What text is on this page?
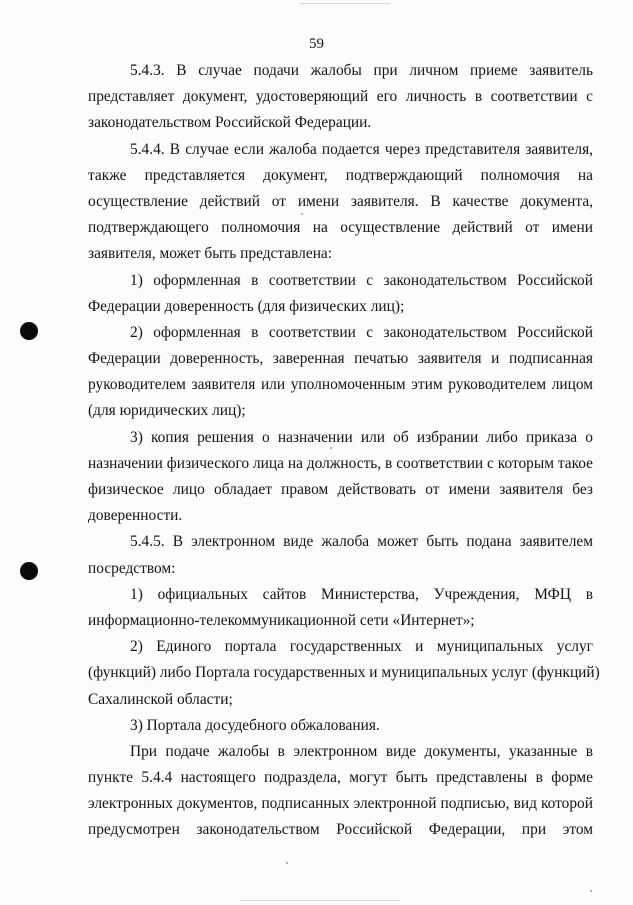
59
5.4.3. В случае подачи жалобы при личном приеме заявитель
представляет документ, удостоверяющий его личность в соответствии с
законодательством Российской Федерации.
5.4.4. В случае если жалоба подается через представителя заявителя,
также представляется документ, подтверждающий полномочия на
осуществление действий от имени заявителя. В качестве документа,
подтверждающего полномочия на осуществление действий от имени
заявителя, может быть представлена:
1) оформленная в соответствии с законодательством Российской
Федерации доверенность (для физических лиц);
2) оформленная в соответствии с законодательством Российской
Федерации доверенность, заверенная печатью заявителя и подписанная
руководителем заявителя или уполномоченным этим руководителем лицом
(для юридических лиц);
3) копия решения о назначении или об избрании либо приказа о
назначении физического лица на должность, в соответствии с которым такое
физическое лицо обладает правом действовать от имени заявителя без
доверенности.
5.4.5. В электронном виде жалоба может быть подана заявителем
посредством:
1) официальных сайтов Министерства, Учреждения, МФЦ в
информационно-телекоммуникационной сети «Интернет»;
2) Единого портала государственных и муниципальных услуг
(функций) либо Портала государственных и муниципальных услуг (функций)
Сахалинской области;
3) Портала досудебного обжалования.
При подаче жалобы в электронном виде документы, указанные в
пункте 5.4.4 настоящего подраздела, могут быть представлены в форме
электронных документов, подписанных электронной подписью, вид которой
предусмотрен законодательством Российской Федерации, при этом
